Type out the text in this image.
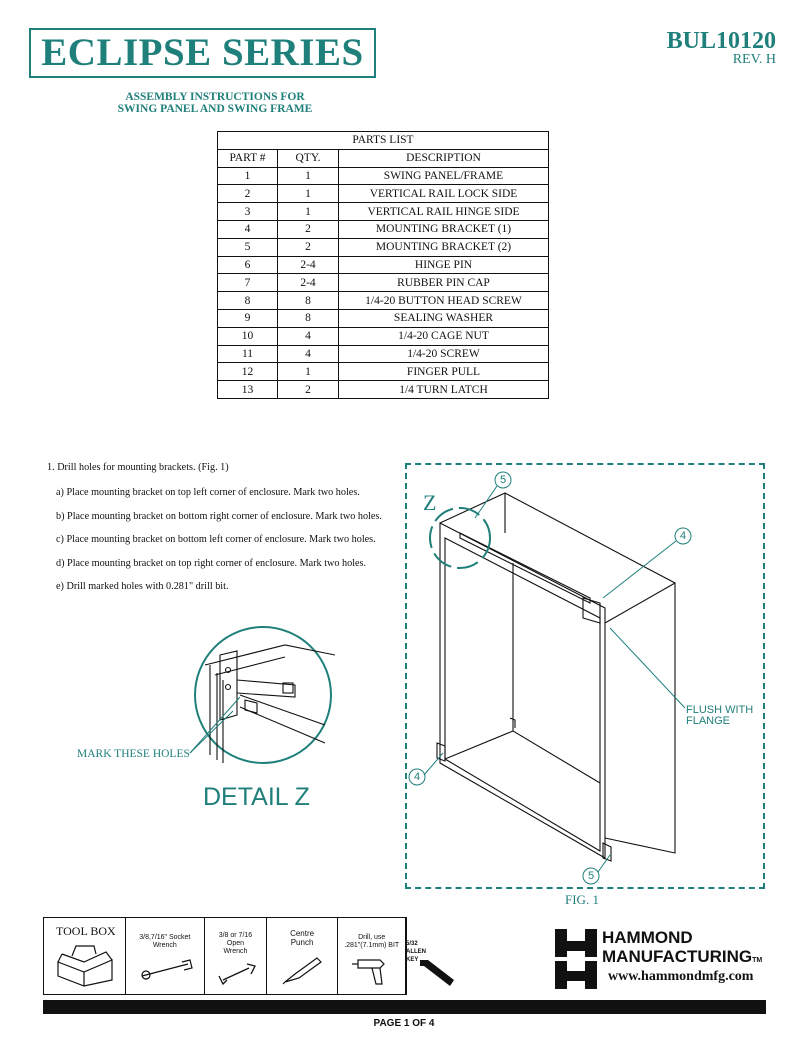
ECLIPSE SERIES	BUL10120
REV. H
ASSEMBLY INSTRUCTIONS FOR
SWING PANEL AND SWING FRAME
PARTS LIST		
PART #	QTY.	DESCRIPTION
1	1	SWING PANEL/FRAME
2	1	VERTICAL RAIL LOCK SIDE
3	1	VERTICAL RAIL HINGE SIDE
4	2	MOUNTING BRACKET (1)
5	2	MOUNTING BRACKET (2)
6	2-4	HINGE PIN
7	2-4	RUBBER PIN CAP
8	8	1/4-20 BUTTON HEAD SCREW
9	8	SEALING WASHER
10	4	1/4-20 CAGE NUT
11	4	1/4-20 SCREW
12	1	FINGER PULL
13	2	1/4 TURN LATCH

1. Drill holes for mounting brackets. (Fig. 1)

a) Place mounting bracket on top left corner of enclosure. Mark two holes.

b) Place mounting bracket on bottom right corner of enclosure. Mark two holes.

c) Place mounting bracket on bottom left corner of enclosure. Mark two holes.

d) Place mounting bracket on top right corner of enclosure. Mark two holes.

e) Drill marked holes with 0.281" drill bit.

MARK THESE HOLES
DETAIL Z
5
4
4
5
Z
FLUSH WITH
FLANGE
FIG. 1
TOOL BOX	3/8,7/16" Socket
Wrench
3/8 or 7/16
Open
Wrench
Centre
Punch
Drill, use
.281"(7.1mm) BIT	5/32 ALLEN KEY
HAMMOND
MANUFACTURINGTM
www.hammondmfg.com
PAGE 1 OF 4
